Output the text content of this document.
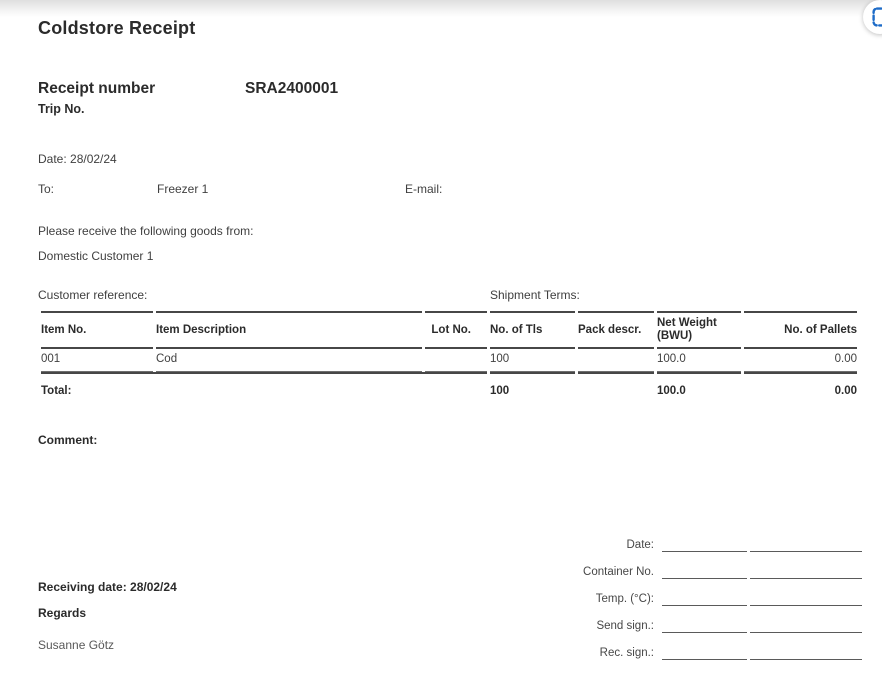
Coldstore Receipt
Receipt number	SRA2400001
Trip No.
Date: 28/02/24
To:	Freezer 1	E-mail:
Please receive the following goods from:
Domestic Customer 1
Customer reference:	Shipment Terms:
Item No.	Item Description	Lot No.	No. of Tls	Pack descr.	Net Weight (BWU)	No. of Pallets
001	Cod		100		100.0	0.00
Total:			100		100.0	0.00
Comment:
Date:
Container No.
Temp. (°C):
Send sign.:
Rec. sign.:
Receiving date: 28/02/24
Regards
Susanne Götz
